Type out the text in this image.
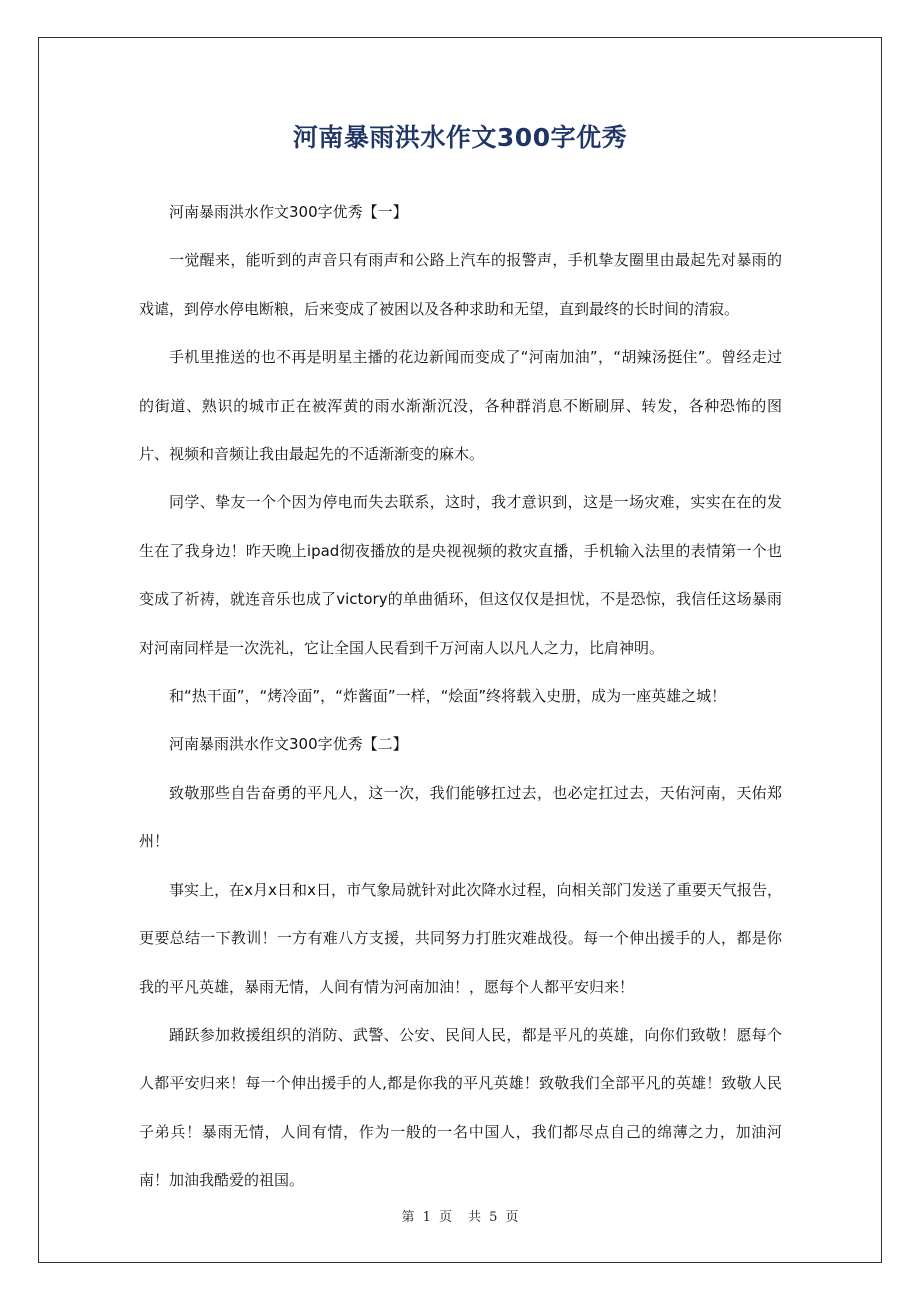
河南暴雨洪水作文300字优秀

河南暴雨洪水作文300字优秀【一】

一觉醒来，能听到的声音只有雨声和公路上汽车的报警声，手机挚友圈里由最起先对暴雨的戏谑，到停水停电断粮，后来变成了被困以及各种求助和无望，直到最终的长时间的清寂。

手机里推送的也不再是明星主播的花边新闻而变成了“河南加油”，“胡辣汤挺住”。曾经走过的街道、熟识的城市正在被浑黄的雨水渐渐沉没，各种群消息不断刷屏、转发，各种恐怖的图片、视频和音频让我由最起先的不适渐渐变的麻木。

同学、挚友一个个因为停电而失去联系，这时，我才意识到，这是一场灾难，实实在在的发生在了我身边！昨天晚上ipad彻夜播放的是央视视频的救灾直播，手机输入法里的表情第一个也变成了祈祷，就连音乐也成了victory的单曲循环，但这仅仅是担忧，不是恐惊，我信任这场暴雨对河南同样是一次洗礼，它让全国人民看到千万河南人以凡人之力，比肩神明。

和“热干面”，“烤冷面”，“炸酱面”一样，“烩面”终将载入史册，成为一座英雄之城！

河南暴雨洪水作文300字优秀【二】

致敬那些自告奋勇的平凡人，这一次，我们能够扛过去，也必定扛过去，天佑河南，天佑郑州！

事实上，在x月x日和x日，市气象局就针对此次降水过程，向相关部门发送了重要天气报告，更要总结一下教训！一方有难八方支援，共同努力打胜灾难战役。每一个伸出援手的人，都是你我的平凡英雄，暴雨无情，人间有情为河南加油！，愿每个人都平安归来！

踊跃参加救援组织的消防、武警、公安、民间人民，都是平凡的英雄，向你们致敬！愿每个人都平安归来！每一个伸出援手的人,都是你我的平凡英雄！致敬我们全部平凡的英雄！致敬人民子弟兵！暴雨无情，人间有情，作为一般的一名中国人，我们都尽点自己的绵薄之力，加油河南！加油我酷爱的祖国。

第 1 页 共 5 页
